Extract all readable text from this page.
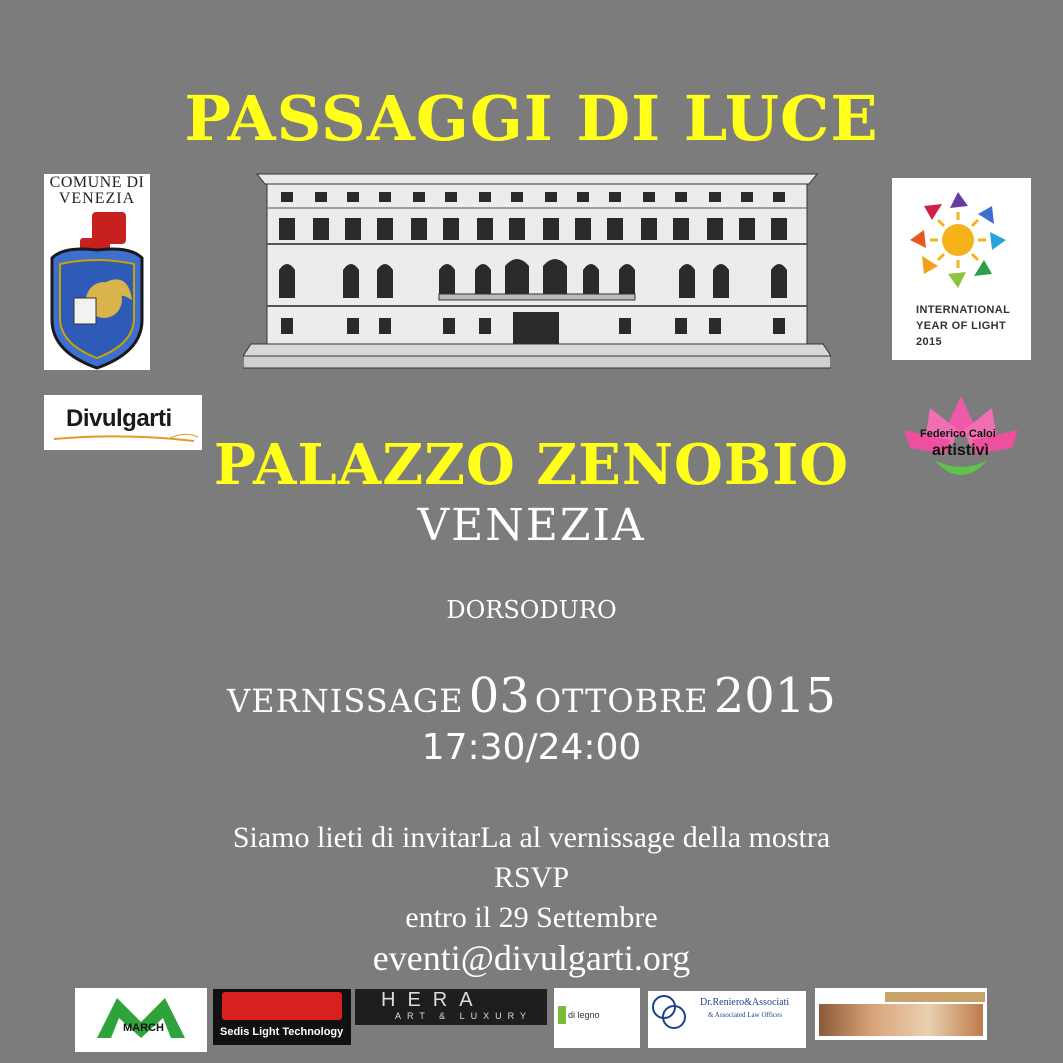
PASSAGGI DI LUCE
COMUNE DI
VENEZIA
INTERNATIONAL
YEAR OF LIGHT
2015
Divulgarti
Federico Caloi
artistivì
PALAZZO ZENOBIO
VENEZIA
DORSODURO
VERNISSAGE 03 OTTOBRE 2015
17:30/24:00
Siamo lieti di invitarLa al vernissage della mostra
RSVP
entro il 29 Settembre
eventi@divulgarti.org
MARCH	Sedis Light Technology
HERA
ART & LUXURY	di legno
Dr.Reniero&Associati
& Associated Law Offices
